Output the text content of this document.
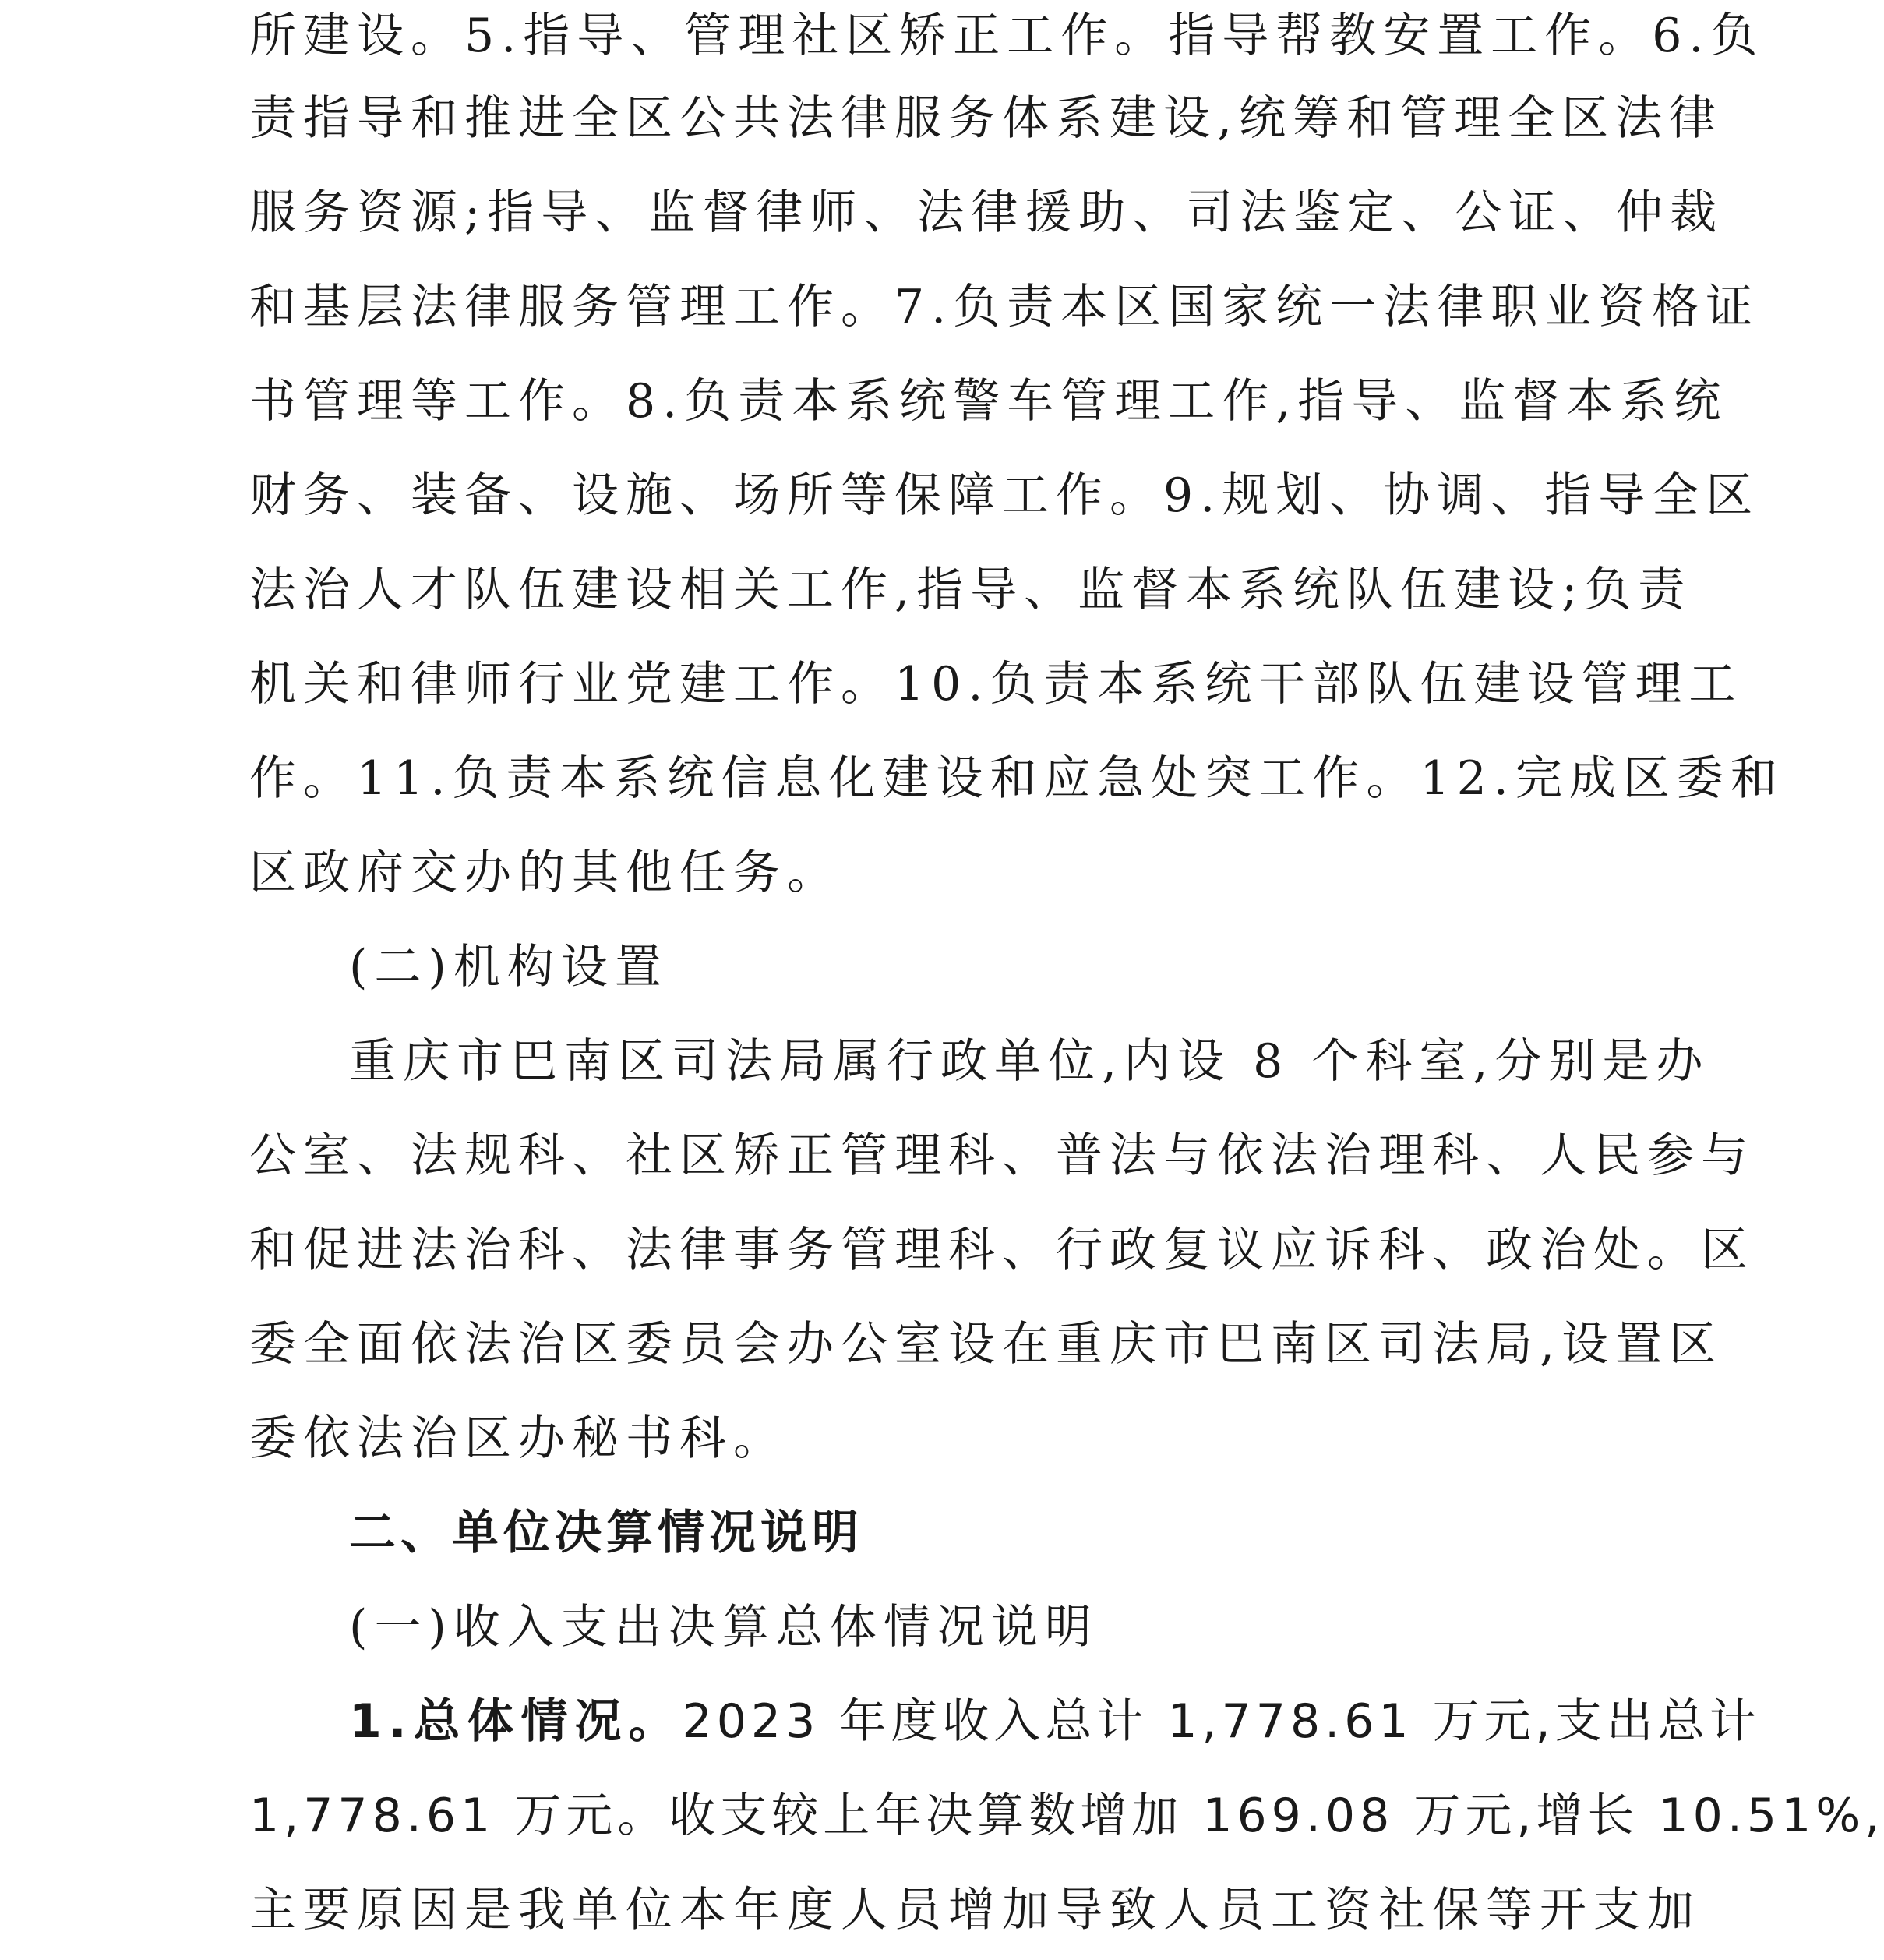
所建设。5.指导、管理社区矫正工作。指导帮教安置工作。6.负
责指导和推进全区公共法律服务体系建设,统筹和管理全区法律
服务资源;指导、监督律师、法律援助、司法鉴定、公证、仲裁
和基层法律服务管理工作。7.负责本区国家统一法律职业资格证
书管理等工作。8.负责本系统警车管理工作,指导、监督本系统
财务、装备、设施、场所等保障工作。9.规划、协调、指导全区
法治人才队伍建设相关工作,指导、监督本系统队伍建设;负责
机关和律师行业党建工作。10.负责本系统干部队伍建设管理工
作。11.负责本系统信息化建设和应急处突工作。12.完成区委和
区政府交办的其他任务。
(二)机构设置
重庆市巴南区司法局属行政单位,内设 8 个科室,分别是办
公室、法规科、社区矫正管理科、普法与依法治理科、人民参与
和促进法治科、法律事务管理科、行政复议应诉科、政治处。区
委全面依法治区委员会办公室设在重庆市巴南区司法局,设置区
委依法治区办秘书科。
二、单位决算情况说明
(一)收入支出决算总体情况说明
1.总体情况。2023 年度收入总计 1,778.61 万元,支出总计
1,778.61 万元。收支较上年决算数增加 169.08 万元,增长 10.51%,
主要原因是我单位本年度人员增加导致人员工资社保等开支加
